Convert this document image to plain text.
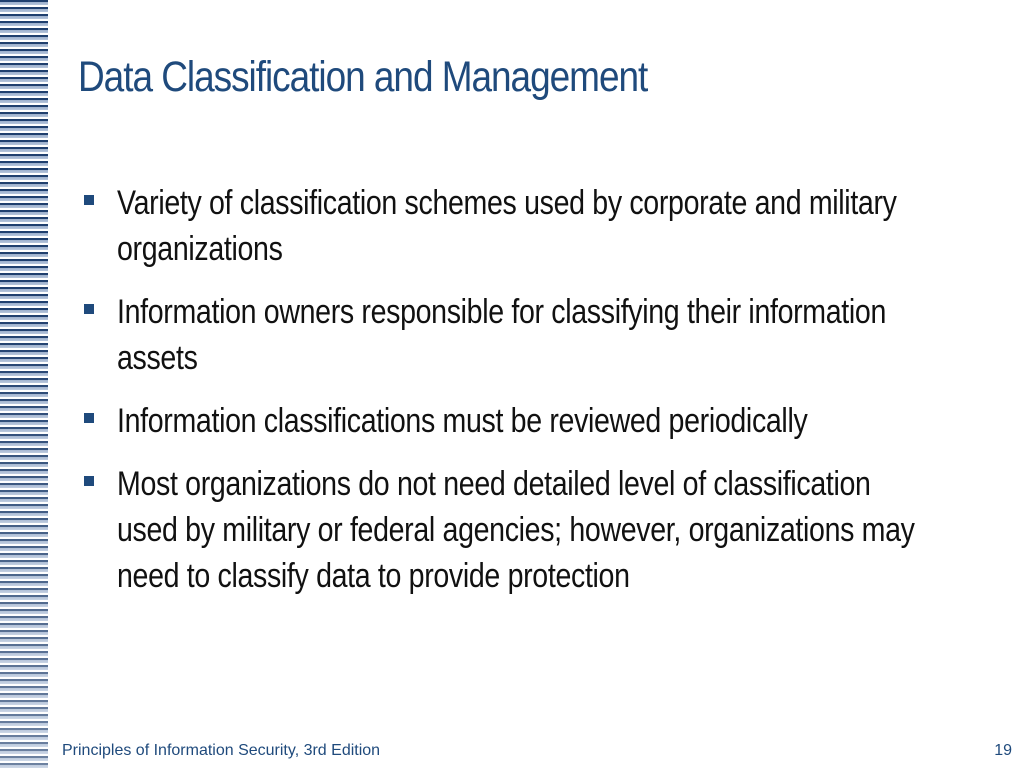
Data Classification and Management
Variety of classification schemes used by corporate and military organizations
Information owners responsible for classifying their information assets
Information classifications must be reviewed periodically
Most organizations do not need detailed level of classification used by military or federal agencies; however, organizations may need to classify data to provide protection
Principles of Information Security, 3rd Edition	19
